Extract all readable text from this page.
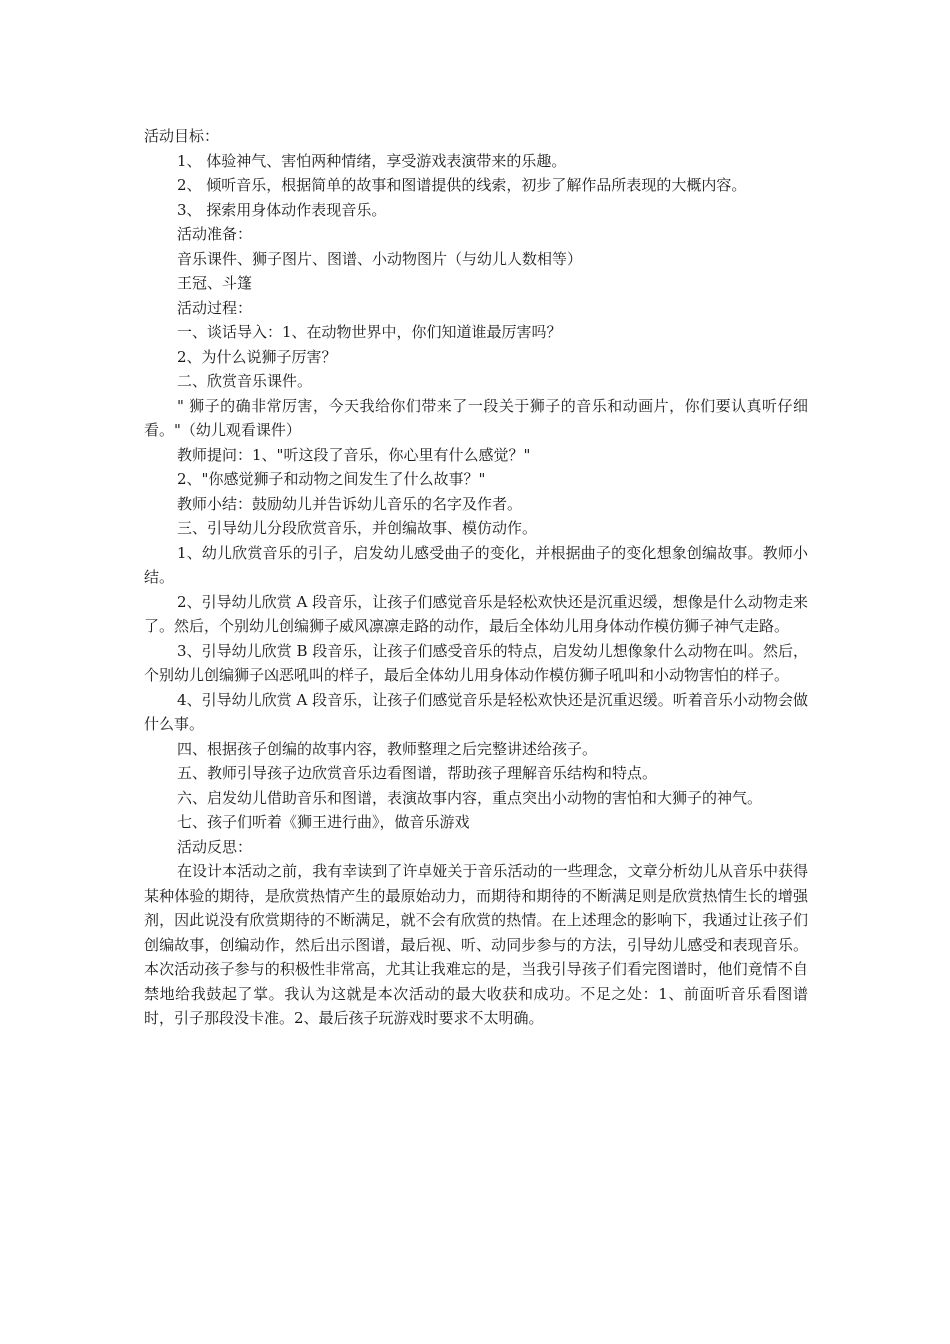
活动目标：

1、 体验神气、害怕两种情绪，享受游戏表演带来的乐趣。

2、 倾听音乐，根据简单的故事和图谱提供的线索，初步了解作品所表现的大概内容。

3、 探索用身体动作表现音乐。

活动准备：

音乐课件、狮子图片、图谱、小动物图片（与幼儿人数相等）

王冠、斗篷

活动过程：

一、谈话导入：1、在动物世界中，你们知道谁最厉害吗？

2、为什么说狮子厉害？

二、欣赏音乐课件。

" 狮子的确非常厉害，今天我给你们带来了一段关于狮子的音乐和动画片，你们要认真听仔细看。"（幼儿观看课件）

教师提问：1、"听这段了音乐，你心里有什么感觉？"

2、"你感觉狮子和动物之间发生了什么故事？"

教师小结：鼓励幼儿并告诉幼儿音乐的名字及作者。

三、引导幼儿分段欣赏音乐，并创编故事、模仿动作。

1、幼儿欣赏音乐的引子，启发幼儿感受曲子的变化，并根据曲子的变化想象创编故事。教师小结。

2、引导幼儿欣赏 A 段音乐，让孩子们感觉音乐是轻松欢快还是沉重迟缓，想像是什么动物走来了。然后，个别幼儿创编狮子威风凛凛走路的动作，最后全体幼儿用身体动作模仿狮子神气走路。

3、引导幼儿欣赏 B 段音乐，让孩子们感受音乐的特点，启发幼儿想像象什么动物在叫。然后，个别幼儿创编狮子凶恶吼叫的样子，最后全体幼儿用身体动作模仿狮子吼叫和小动物害怕的样子。

4、引导幼儿欣赏 A 段音乐，让孩子们感觉音乐是轻松欢快还是沉重迟缓。听着音乐小动物会做什么事。

四、根据孩子创编的故事内容，教师整理之后完整讲述给孩子。

五、教师引导孩子边欣赏音乐边看图谱，帮助孩子理解音乐结构和特点。

六、启发幼儿借助音乐和图谱，表演故事内容，重点突出小动物的害怕和大狮子的神气。

七、孩子们听着《狮王进行曲》，做音乐游戏

活动反思：

在设计本活动之前，我有幸读到了许卓娅关于音乐活动的一些理念，文章分析幼儿从音乐中获得某种体验的期待，是欣赏热情产生的最原始动力，而期待和期待的不断满足则是欣赏热情生长的增强剂，因此说没有欣赏期待的不断满足，就不会有欣赏的热情。在上述理念的影响下，我通过让孩子们创编故事，创编动作，然后出示图谱，最后视、听、动同步参与的方法，引导幼儿感受和表现音乐。本次活动孩子参与的积极性非常高，尤其让我难忘的是，当我引导孩子们看完图谱时，他们竟情不自禁地给我鼓起了掌。我认为这就是本次活动的最大收获和成功。不足之处：1、前面听音乐看图谱时，引子那段没卡准。2、最后孩子玩游戏时要求不太明确。
